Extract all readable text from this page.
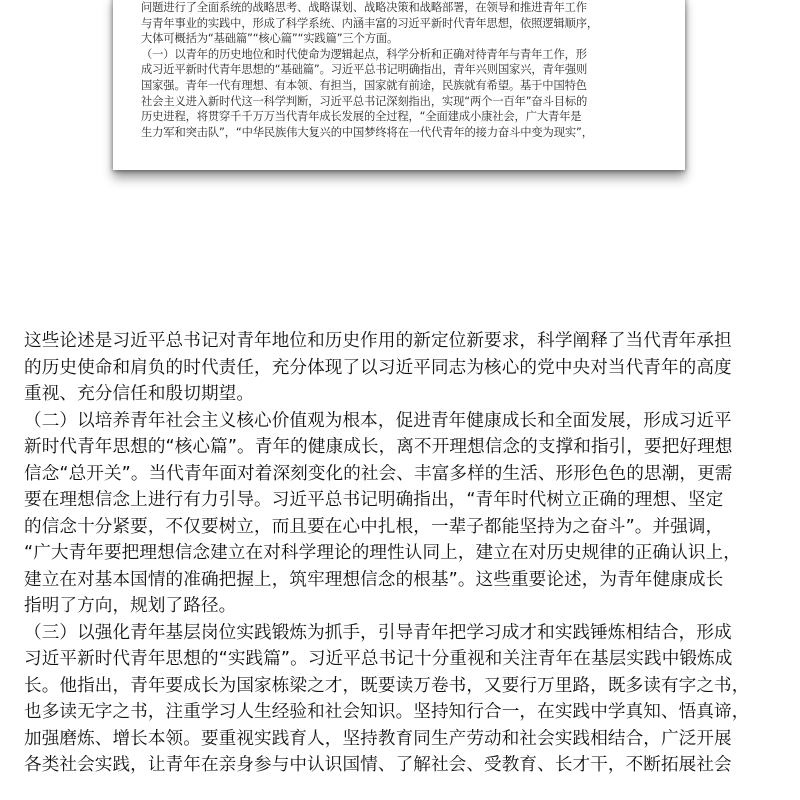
问题进行了全面系统的战略思考、战略谋划、战略决策和战略部署，在领导和推进青年工作
与青年事业的实践中，形成了科学系统、内涵丰富的习近平新时代青年思想，依照逻辑顺序，
大体可概括为“基础篇”“核心篇”“实践篇”三个方面。
（一）以青年的历史地位和时代使命为逻辑起点，科学分析和正确对待青年与青年工作，形
成习近平新时代青年思想的“基础篇”。习近平总书记明确指出，青年兴则国家兴，青年强则
国家强。青年一代有理想、有本领、有担当，国家就有前途，民族就有希望。基于中国特色
社会主义进入新时代这一科学判断，习近平总书记深刻指出，实现“两个一百年”奋斗目标的
历史进程，将贯穿千千万万当代青年成长发展的全过程，“全面建成小康社会，广大青年是
生力军和突击队”，“中华民族伟大复兴的中国梦终将在一代代青年的接力奋斗中变为现实”，
这些论述是习近平总书记对青年地位和历史作用的新定位新要求，科学阐释了当代青年承担
的历史使命和肩负的时代责任，充分体现了以习近平同志为核心的党中央对当代青年的高度
重视、充分信任和殷切期望。
（二）以培养青年社会主义核心价值观为根本，促进青年健康成长和全面发展，形成习近平
新时代青年思想的“核心篇”。青年的健康成长，离不开理想信念的支撑和指引，要把好理想
信念“总开关”。当代青年面对着深刻变化的社会、丰富多样的生活、形形色色的思潮，更需
要在理想信念上进行有力引导。习近平总书记明确指出，“青年时代树立正确的理想、坚定
的信念十分紧要，不仅要树立，而且要在心中扎根，一辈子都能坚持为之奋斗”。并强调，
“广大青年要把理想信念建立在对科学理论的理性认同上，建立在对历史规律的正确认识上，
建立在对基本国情的准确把握上，筑牢理想信念的根基”。这些重要论述，为青年健康成长
指明了方向，规划了路径。
（三）以强化青年基层岗位实践锻炼为抓手，引导青年把学习成才和实践锤炼相结合，形成
习近平新时代青年思想的“实践篇”。习近平总书记十分重视和关注青年在基层实践中锻炼成
长。他指出，青年要成长为国家栋梁之才，既要读万卷书，又要行万里路，既多读有字之书，
也多读无字之书，注重学习人生经验和社会知识。坚持知行合一，在实践中学真知、悟真谛，
加强磨炼、增长本领。要重视实践育人，坚持教育同生产劳动和社会实践相结合，广泛开展
各类社会实践，让青年在亲身参与中认识国情、了解社会、受教育、长才干，不断拓展社会
